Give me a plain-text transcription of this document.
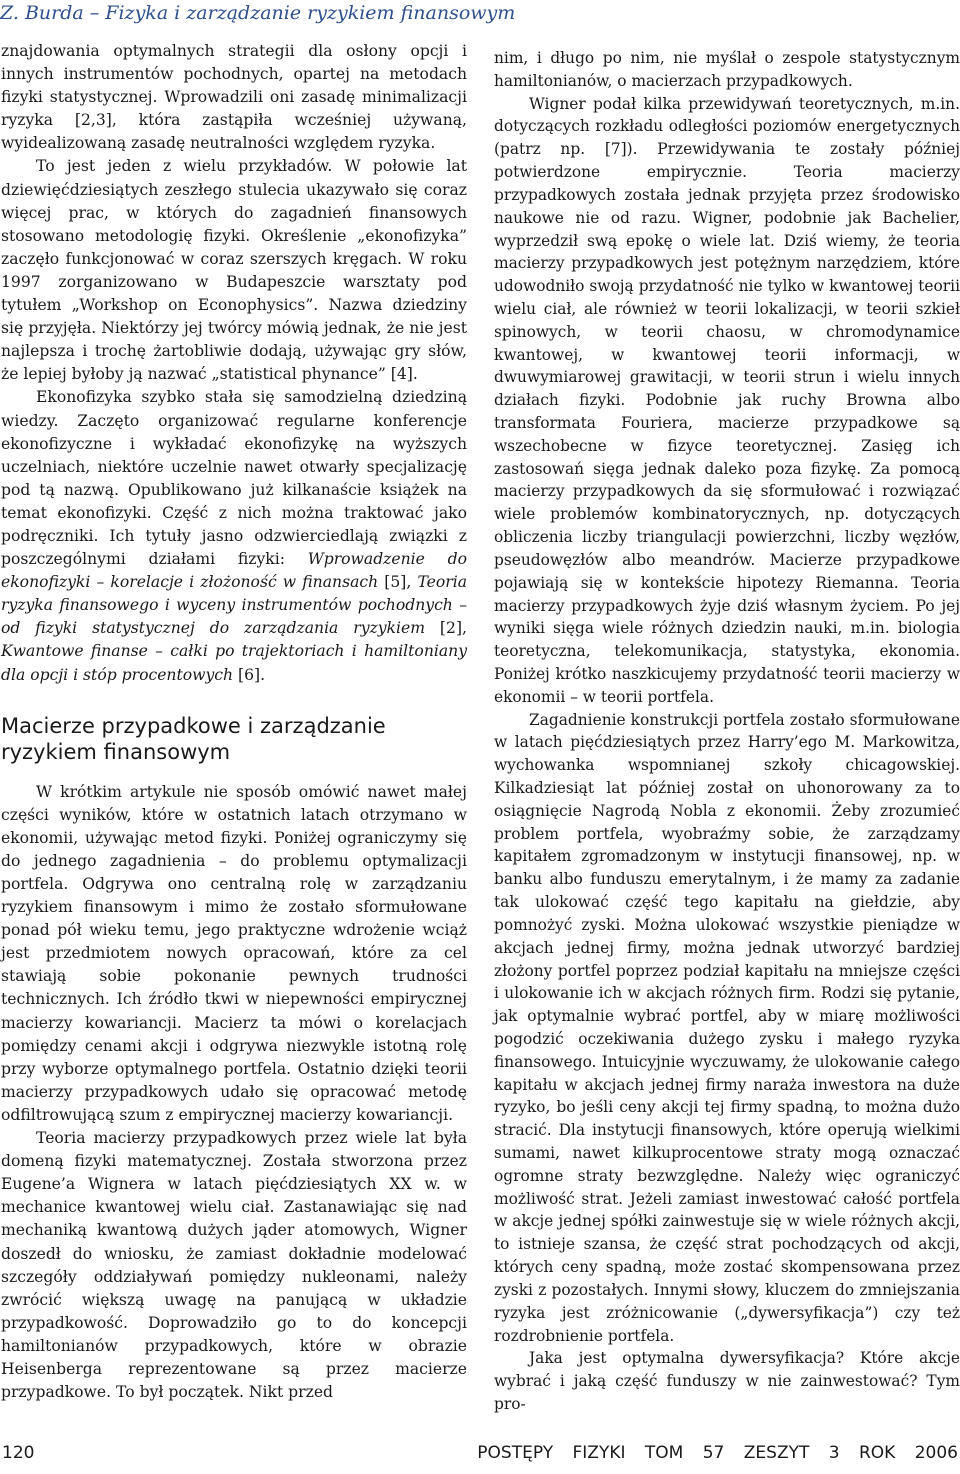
Z. Burda – Fizyka i zarządzanie ryzykiem finansowym

znajdowania optymalnych strategii dla osłony opcji i innych instrumentów pochodnych, opartej na metodach fizyki statystycznej. Wprowadzili oni zasadę minimalizacji ryzyka [2,3], która zastąpiła wcześniej używaną, wyidealizowaną zasadę neutralności względem ryzyka.

To jest jeden z wielu przykładów. W połowie lat dziewięćdziesiątych zeszłego stulecia ukazywało się coraz więcej prac, w których do zagadnień finansowych stosowano metodologię fizyki. Określenie „ekonofizyka” zaczęło funkcjonować w coraz szerszych kręgach. W roku 1997 zorganizowano w Budapeszcie warsztaty pod tytułem „Workshop on Econophysics”. Nazwa dziedziny się przyjęła. Niektórzy jej twórcy mówią jednak, że nie jest najlepsza i trochę żartobliwie dodają, używając gry słów, że lepiej byłoby ją nazwać „statistical phynance” [4].

Ekonofizyka szybko stała się samodzielną dziedziną wiedzy. Zaczęto organizować regularne konferencje ekonofizyczne i wykładać ekonofizykę na wyższych uczelniach, niektóre uczelnie nawet otwarły specjalizację pod tą nazwą. Opublikowano już kilkanaście książek na temat ekonofizyki. Część z nich można traktować jako podręczniki. Ich tytuły jasno odzwierciedlają związki z poszczególnymi działami fizyki: Wprowadzenie do ekonofizyki – korelacje i złożoność w finansach [5], Teoria ryzyka finansowego i wyceny instrumentów pochodnych – od fizyki statystycznej do zarządzania ryzykiem [2], Kwantowe finanse – całki po trajektoriach i hamiltoniany dla opcji i stóp procentowych [6].

Macierze przypadkowe i zarządzanie ryzykiem finansowym

W krótkim artykule nie sposób omówić nawet małej części wyników, które w ostatnich latach otrzymano w ekonomii, używając metod fizyki. Poniżej ograniczymy się do jednego zagadnienia – do problemu optymalizacji portfela. Odgrywa ono centralną rolę w zarządzaniu ryzykiem finansowym i mimo że zostało sformułowane ponad pół wieku temu, jego praktyczne wdrożenie wciąż jest przedmiotem nowych opracowań, które za cel stawiają sobie pokonanie pewnych trudności technicznych. Ich źródło tkwi w niepewności empirycznej macierzy kowariancji. Macierz ta mówi o korelacjach pomiędzy cenami akcji i odgrywa niezwykle istotną rolę przy wyborze optymalnego portfela. Ostatnio dzięki teorii macierzy przypadkowych udało się opracować metodę odfiltrowującą szum z empirycznej macierzy kowariancji.

Teoria macierzy przypadkowych przez wiele lat była domeną fizyki matematycznej. Została stworzona przez Eugene’a Wignera w latach pięćdziesiątych XX w. w mechanice kwantowej wielu ciał. Zastanawiając się nad mechaniką kwantową dużych jąder atomowych, Wigner doszedł do wniosku, że zamiast dokładnie modelować szczegóły oddziaływań pomiędzy nukleonami, należy zwrócić większą uwagę na panującą w układzie przypadkowość. Doprowadziło go to do koncepcji hamiltonianów przypadkowych, które w obrazie Heisenberga reprezentowane są przez macierze przypadkowe. To był początek. Nikt przed

nim, i długo po nim, nie myślał o zespole statystycznym hamiltonianów, o macierzach przypadkowych.

Wigner podał kilka przewidywań teoretycznych, m.in. dotyczących rozkładu odległości poziomów energetycznych (patrz np. [7]). Przewidywania te zostały później potwierdzone empirycznie. Teoria macierzy przypadkowych została jednak przyjęta przez środowisko naukowe nie od razu. Wigner, podobnie jak Bachelier, wyprzedził swą epokę o wiele lat. Dziś wiemy, że teoria macierzy przypadkowych jest potężnym narzędziem, które udowodniło swoją przydatność nie tylko w kwantowej teorii wielu ciał, ale również w teorii lokalizacji, w teorii szkieł spinowych, w teorii chaosu, w chromodynamice kwantowej, w kwantowej teorii informacji, w dwuwymiarowej grawitacji, w teorii strun i wielu innych działach fizyki. Podobnie jak ruchy Browna albo transformata Fouriera, macierze przypadkowe są wszechobecne w fizyce teoretycznej. Zasięg ich zastosowań sięga jednak daleko poza fizykę. Za pomocą macierzy przypadkowych da się sformułować i rozwiązać wiele problemów kombinatorycznych, np. dotyczących obliczenia liczby triangulacji powierzchni, liczby węzłów, pseudowęzłów albo meandrów. Macierze przypadkowe pojawiają się w kontekście hipotezy Riemanna. Teoria macierzy przypadkowych żyje dziś własnym życiem. Po jej wyniki sięga wiele różnych dziedzin nauki, m.in. biologia teoretyczna, telekomunikacja, statystyka, ekonomia. Poniżej krótko naszkicujemy przydatność teorii macierzy w ekonomii – w teorii portfela.

Zagadnienie konstrukcji portfela zostało sformułowane w latach pięćdziesiątych przez Harry’ego M. Markowitza, wychowanka wspomnianej szkoły chicagowskiej. Kilkadziesiąt lat później został on uhonorowany za to osiągnięcie Nagrodą Nobla z ekonomii. Żeby zrozumieć problem portfela, wyobraźmy sobie, że zarządzamy kapitałem zgromadzonym w instytucji finansowej, np. w banku albo funduszu emerytalnym, i że mamy za zadanie tak ulokować część tego kapitału na giełdzie, aby pomnożyć zyski. Można ulokować wszystkie pieniądze w akcjach jednej firmy, można jednak utworzyć bardziej złożony portfel poprzez podział kapitału na mniejsze części i ulokowanie ich w akcjach różnych firm. Rodzi się pytanie, jak optymalnie wybrać portfel, aby w miarę możliwości pogodzić oczekiwania dużego zysku i małego ryzyka finansowego. Intuicyjnie wyczuwamy, że ulokowanie całego kapitału w akcjach jednej firmy naraża inwestora na duże ryzyko, bo jeśli ceny akcji tej firmy spadną, to można dużo stracić. Dla instytucji finansowych, które operują wielkimi sumami, nawet kilkuprocentowe straty mogą oznaczać ogromne straty bezwzględne. Należy więc ograniczyć możliwość strat. Jeżeli zamiast inwestować całość portfela w akcje jednej spółki zainwestuje się w wiele różnych akcji, to istnieje szansa, że część strat pochodzących od akcji, których ceny spadną, może zostać skompensowana przez zyski z pozostałych. Innymi słowy, kluczem do zmniejszania ryzyka jest zróżnicowanie („dywersyfikacja”) czy też rozdrobnienie portfela.

Jaka jest optymalna dywersyfikacja? Które akcje wybrać i jaką część funduszy w nie zainwestować? Tym pro-

120	POSTĘPY FIZYKI TOM 57 ZESZYT 3 ROK 2006
